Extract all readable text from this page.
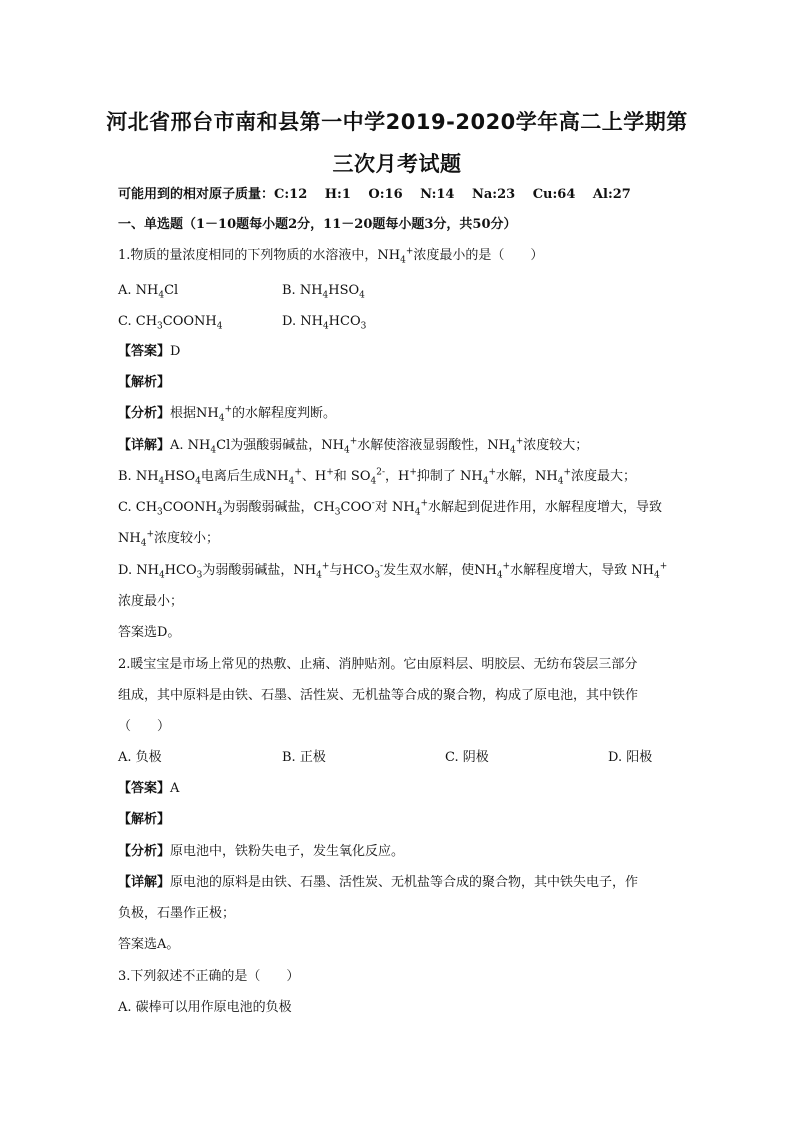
河北省邢台市南和县第一中学2019-2020学年高二上学期第
三次月考试题
可能用到的相对原子质量：C:12　 H:1　 O:16　 N:14　 Na:23　 Cu:64　 Al:27
一、单选题（1－10题每小题2分，11－20题每小题3分，共50分）
1.物质的量浓度相同的下列物质的水溶液中，$NH_4^+$浓度最小的是（　　）
A. $NH_4Cl$	B. $NH_4HSO_4$
C. $CH_3COONH_4$	D. $NH_4HCO_3$
【答案】D
【解析】
【分析】根据$NH_4^+$的水解程度判断。
【详解】A. $NH_4Cl$为强酸弱碱盐，$NH_4^+$水解使溶液显弱酸性，$NH_4^+$浓度较大；
B. $NH_4HSO_4$电离后生成$NH_4^+$、H+和 $SO_4^{2-}$，H+抑制了 $NH_4^+$水解，$NH_4^+$浓度最大；
C. $CH_3COONH_4$为弱酸弱碱盐，$CH_3COO^-$对 $NH_4^+$水解起到促进作用，水解程度增大，导致
$NH_4^+$浓度较小；
D. $NH_4HCO_3$为弱酸弱碱盐，$NH_4^+$与$HCO_3^-$发生双水解，使$NH_4^+$水解程度增大，导致 $NH_4^+$
浓度最小；
答案选D。
2.暖宝宝是市场上常见的热敷、止痛、消肿贴剂。它由原料层、明胶层、无纺布袋层三部分
组成，其中原料是由铁、石墨、活性炭、无机盐等合成的聚合物，构成了原电池，其中铁作
（　　）
A. 负极	B. 正极	C. 阴极	D. 阳极
【答案】A
【解析】
【分析】原电池中，铁粉失电子，发生氧化反应。
【详解】原电池的原料是由铁、石墨、活性炭、无机盐等合成的聚合物，其中铁失电子，作
负极，石墨作正极；
答案选A。
3.下列叙述不正确的是（　　）
A. 碳棒可以用作原电池的负极
